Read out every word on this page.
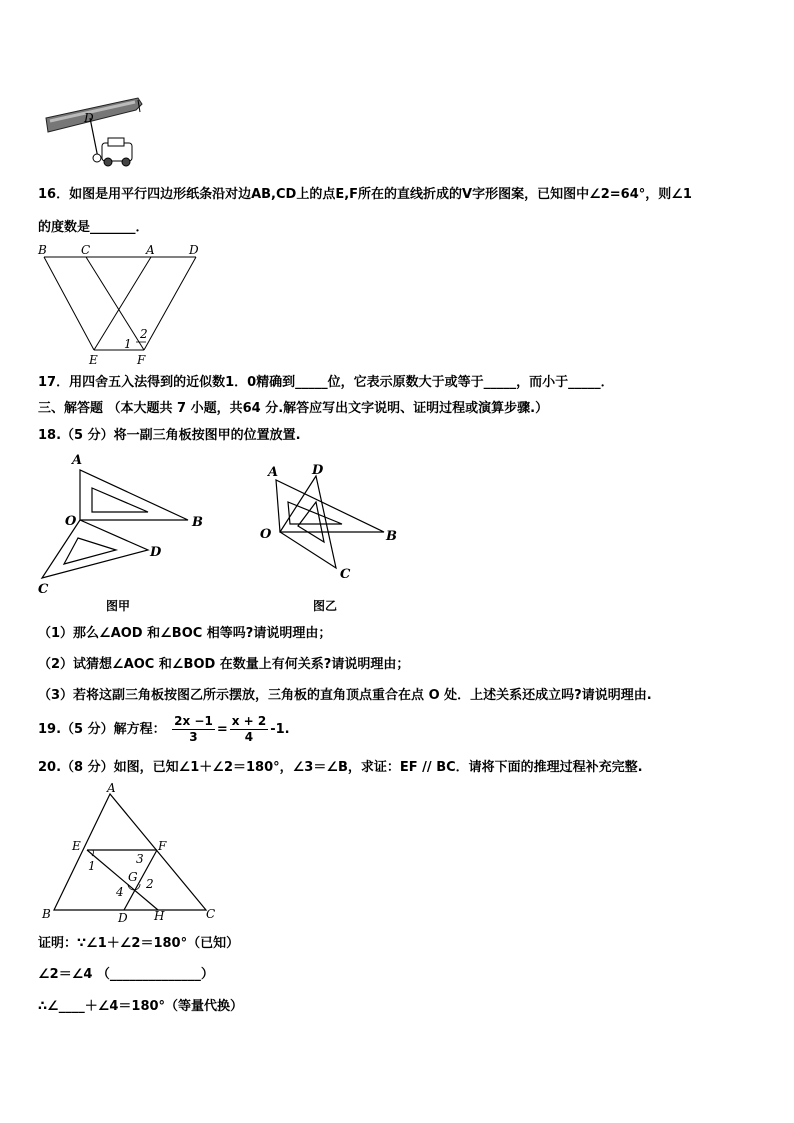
D
16．如图是用平行四边形纸条沿对边AB,CD上的点E,F所在的直线折成的V字形图案，已知图中∠2=64°，则∠1
的度数是_______．
B	C	A	D
E	F
1
2
17．用四舍五入法得到的近似数1．0精确到_____位，它表示原数大于或等于_____，而小于_____．
三、解答题 （本大题共 7 小题，共64 分.解答应写出文字说明、证明过程或演算步骤.）
18.（5 分）将一副三角板按图甲的位置放置.
A
B
O
D
C
图甲
A	D
O	B
C
图乙
（1）那么∠AOD 和∠BOC 相等吗?请说明理由；
（2）试猜想∠AOC 和∠BOD 在数量上有何关系?请说明理由；
（3）若将这副三角板按图乙所示摆放，三角板的直角顶点重合在点 O 处．上述关系还成立吗?请说明理由.
19.（5 分）解方程： $\frac{2x -1}{3} = \frac{x + 2}{4} -1$.
20.（8 分）如图，已知∠1＋∠2＝180°，∠3＝∠B，求证：EF // BC．请将下面的推理过程补充完整.
A
E	F
B	D H	C
G
1
2
3
4
证明：∵∠1＋∠2＝180°（已知）
∠2＝∠4 （______________）
∴∠____＋∠4＝180°（等量代换）
